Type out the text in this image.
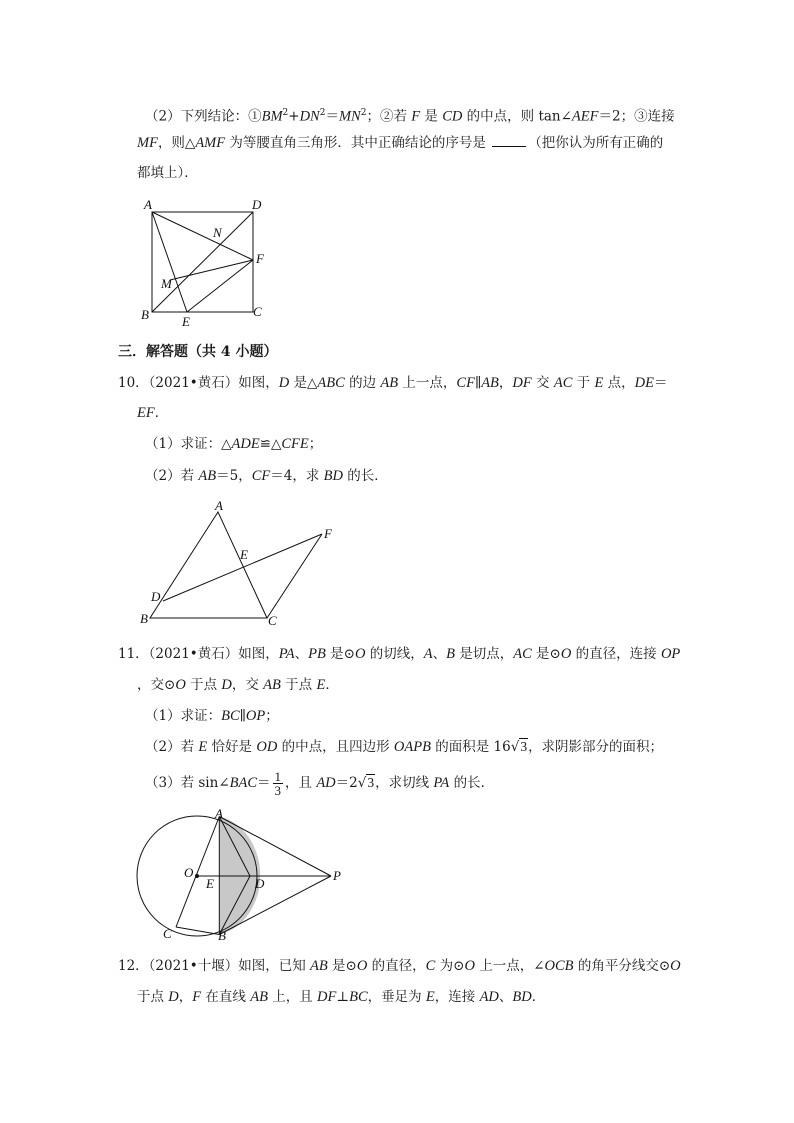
（2）下列结论：$①BM^2+DN^2=MN^2$；②若 F 是 CD 的中点，则 tan∠AEF＝2；③连接
MF，则△AMF 为等腰直角三角形．其中正确结论的序号是	（把你认为所有正确的
都填上）．
A	D
N
F
M
B	E
C
三．解答题（共 4 小题）
10．（2021•黄石）如图，D 是△ABC 的边 AB 上一点，CF∥AB，DF 交 AC 于 E 点，DE＝
EF．
（1）求证：△ADE≌△CFE；
（2）若 AB＝5，CF＝4，求 BD 的长．
A
E
F
D
B	C
11．（2021•黄石）如图，PA、PB 是⊙O 的切线，A、B 是切点，AC 是⊙O 的直径，连接 OP
，交⊙O 于点 D，交 AB 于点 E．
（1）求证：BC∥OP；
（2）若 E 恰好是 OD 的中点，且四边形 OAPB 的面积是 16√3，求阴影部分的面积；
（3）若 sin∠BAC＝ $\frac{1}{3}$ ，且 AD＝2√3，求切线 PA 的长．
A
O
E	D
P
C	B
12．（2021•十堰）如图，已知 AB 是⊙O 的直径，C 为⊙O 上一点，∠OCB 的角平分线交⊙O
于点 D，F 在直线 AB 上，且 DF⊥BC，垂足为 E，连接 AD、BD．
